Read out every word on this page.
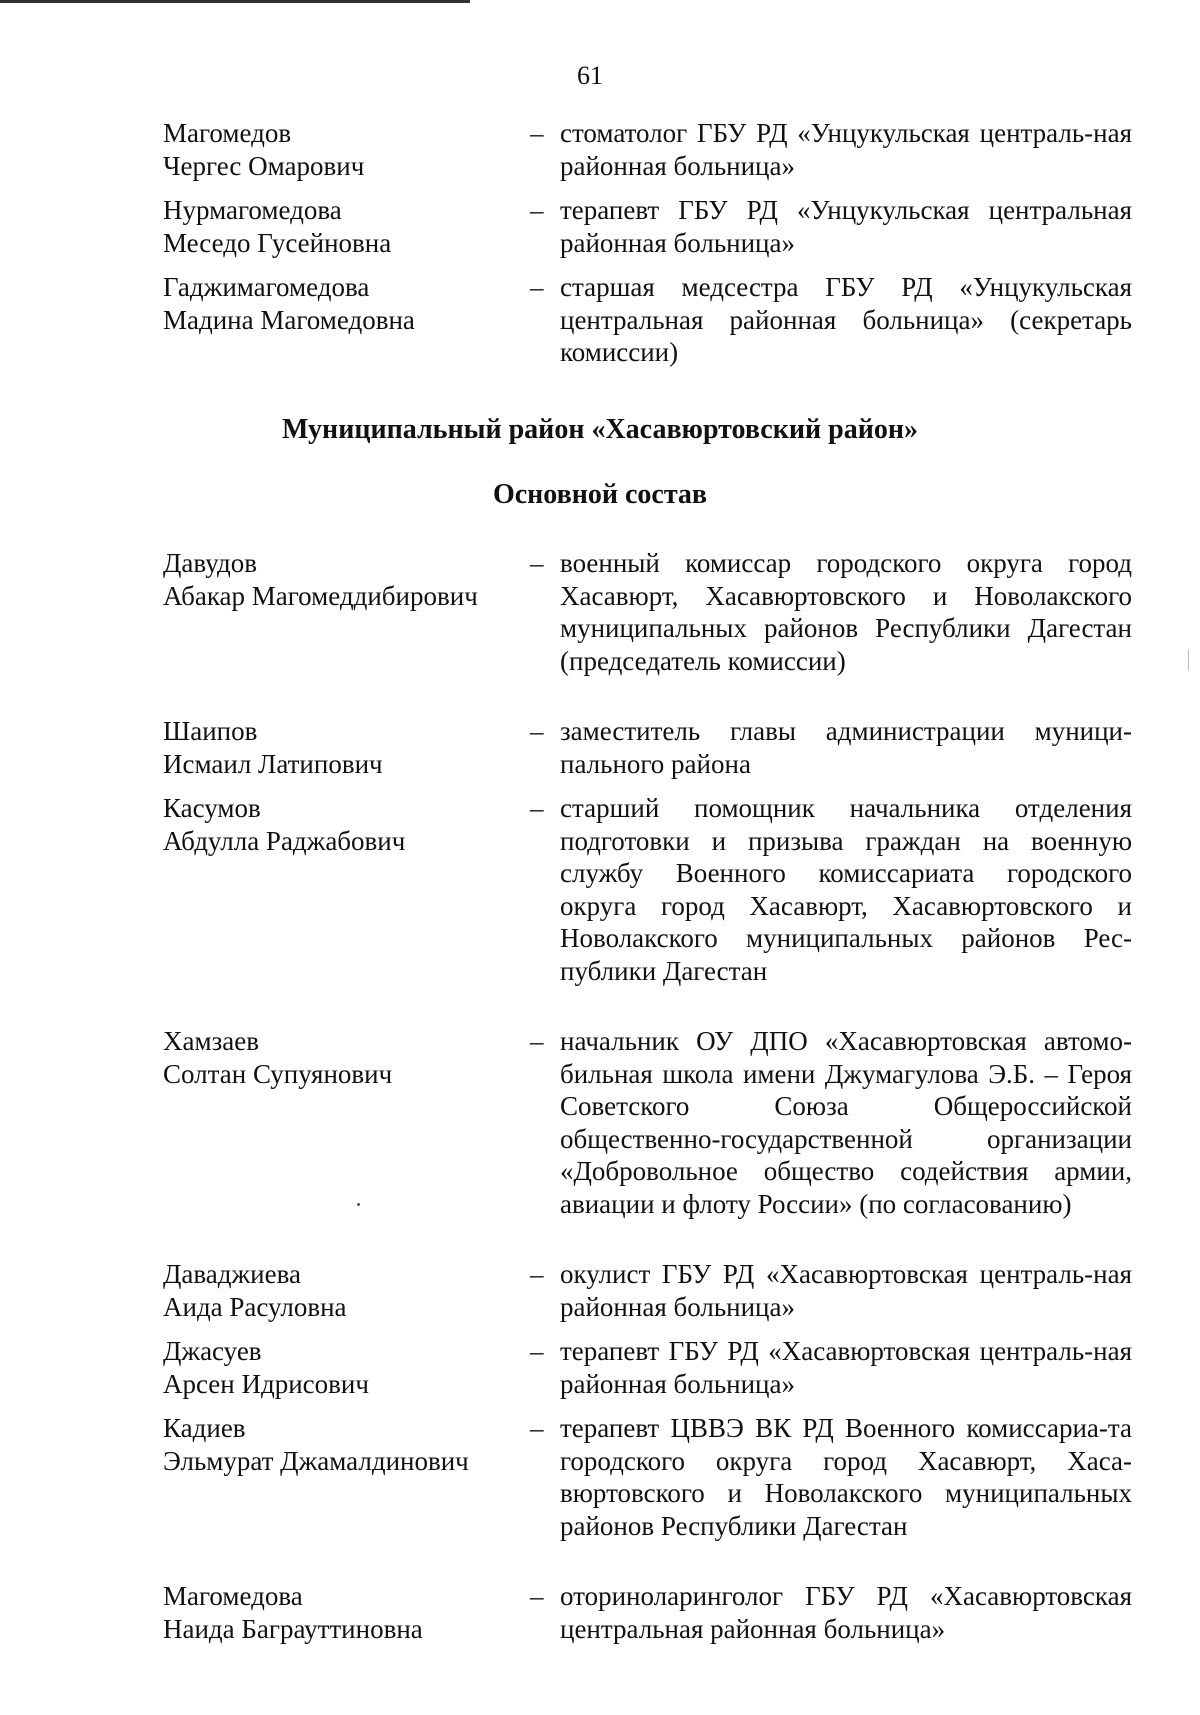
61
Магомедов
Чергес Омарович
– стоматолог ГБУ РД «Унцукульская централь-ная районная больница»
Нурмагомедова
Меседо Гусейновна
– терапевт ГБУ РД «Унцукульская центральная районная больница»
Гаджимагомедова
Мадина Магомедовна
– старшая медсестра ГБУ РД «Унцукульская центральная районная больница» (секретарь комиссии)
Муниципальный район «Хасавюртовский район»
Основной состав
Давудов
Абакар Магомеддибирович
– военный комиссар городского округа город Хасавюрт, Хасавюртовского и Новолакского муниципальных районов Республики Дагестан (председатель комиссии)
Шаипов
Исмаил Латипович
– заместитель главы администрации муници-пального района
Касумов
Абдулла Раджабович
– старший помощник начальника отделения подготовки и призыва граждан на военную службу Военного комиссариата городского округа город Хасавюрт, Хасавюртовского и Новолакского муниципальных районов Рес-публики Дагестан
Хамзаев
Солтан Супуянович
– начальник ОУ ДПО «Хасавюртовская автомо-бильная школа имени Джумагулова Э.Б. – Героя Советского Союза Общероссийской общественно-государственной организации «Добровольное общество содействия армии, авиации и флоту России» (по согласованию)
Даваджиева
Аида Расуловна
– окулист ГБУ РД «Хасавюртовская централь-ная районная больница»
Джасуев
Арсен Идрисович
– терапевт ГБУ РД «Хасавюртовская централь-ная районная больница»
Кадиев
Эльмурат Джамалдинович
– терапевт ЦВВЭ ВК РД Военного комиссариа-та городского округа город Хасавюрт, Хаса-вюртовского и Новолакского муниципальных районов Республики Дагестан
Магомедова
Наида Баграуттиновна
– оториноларинголог ГБУ РД «Хасавюртовская центральная районная больница»
